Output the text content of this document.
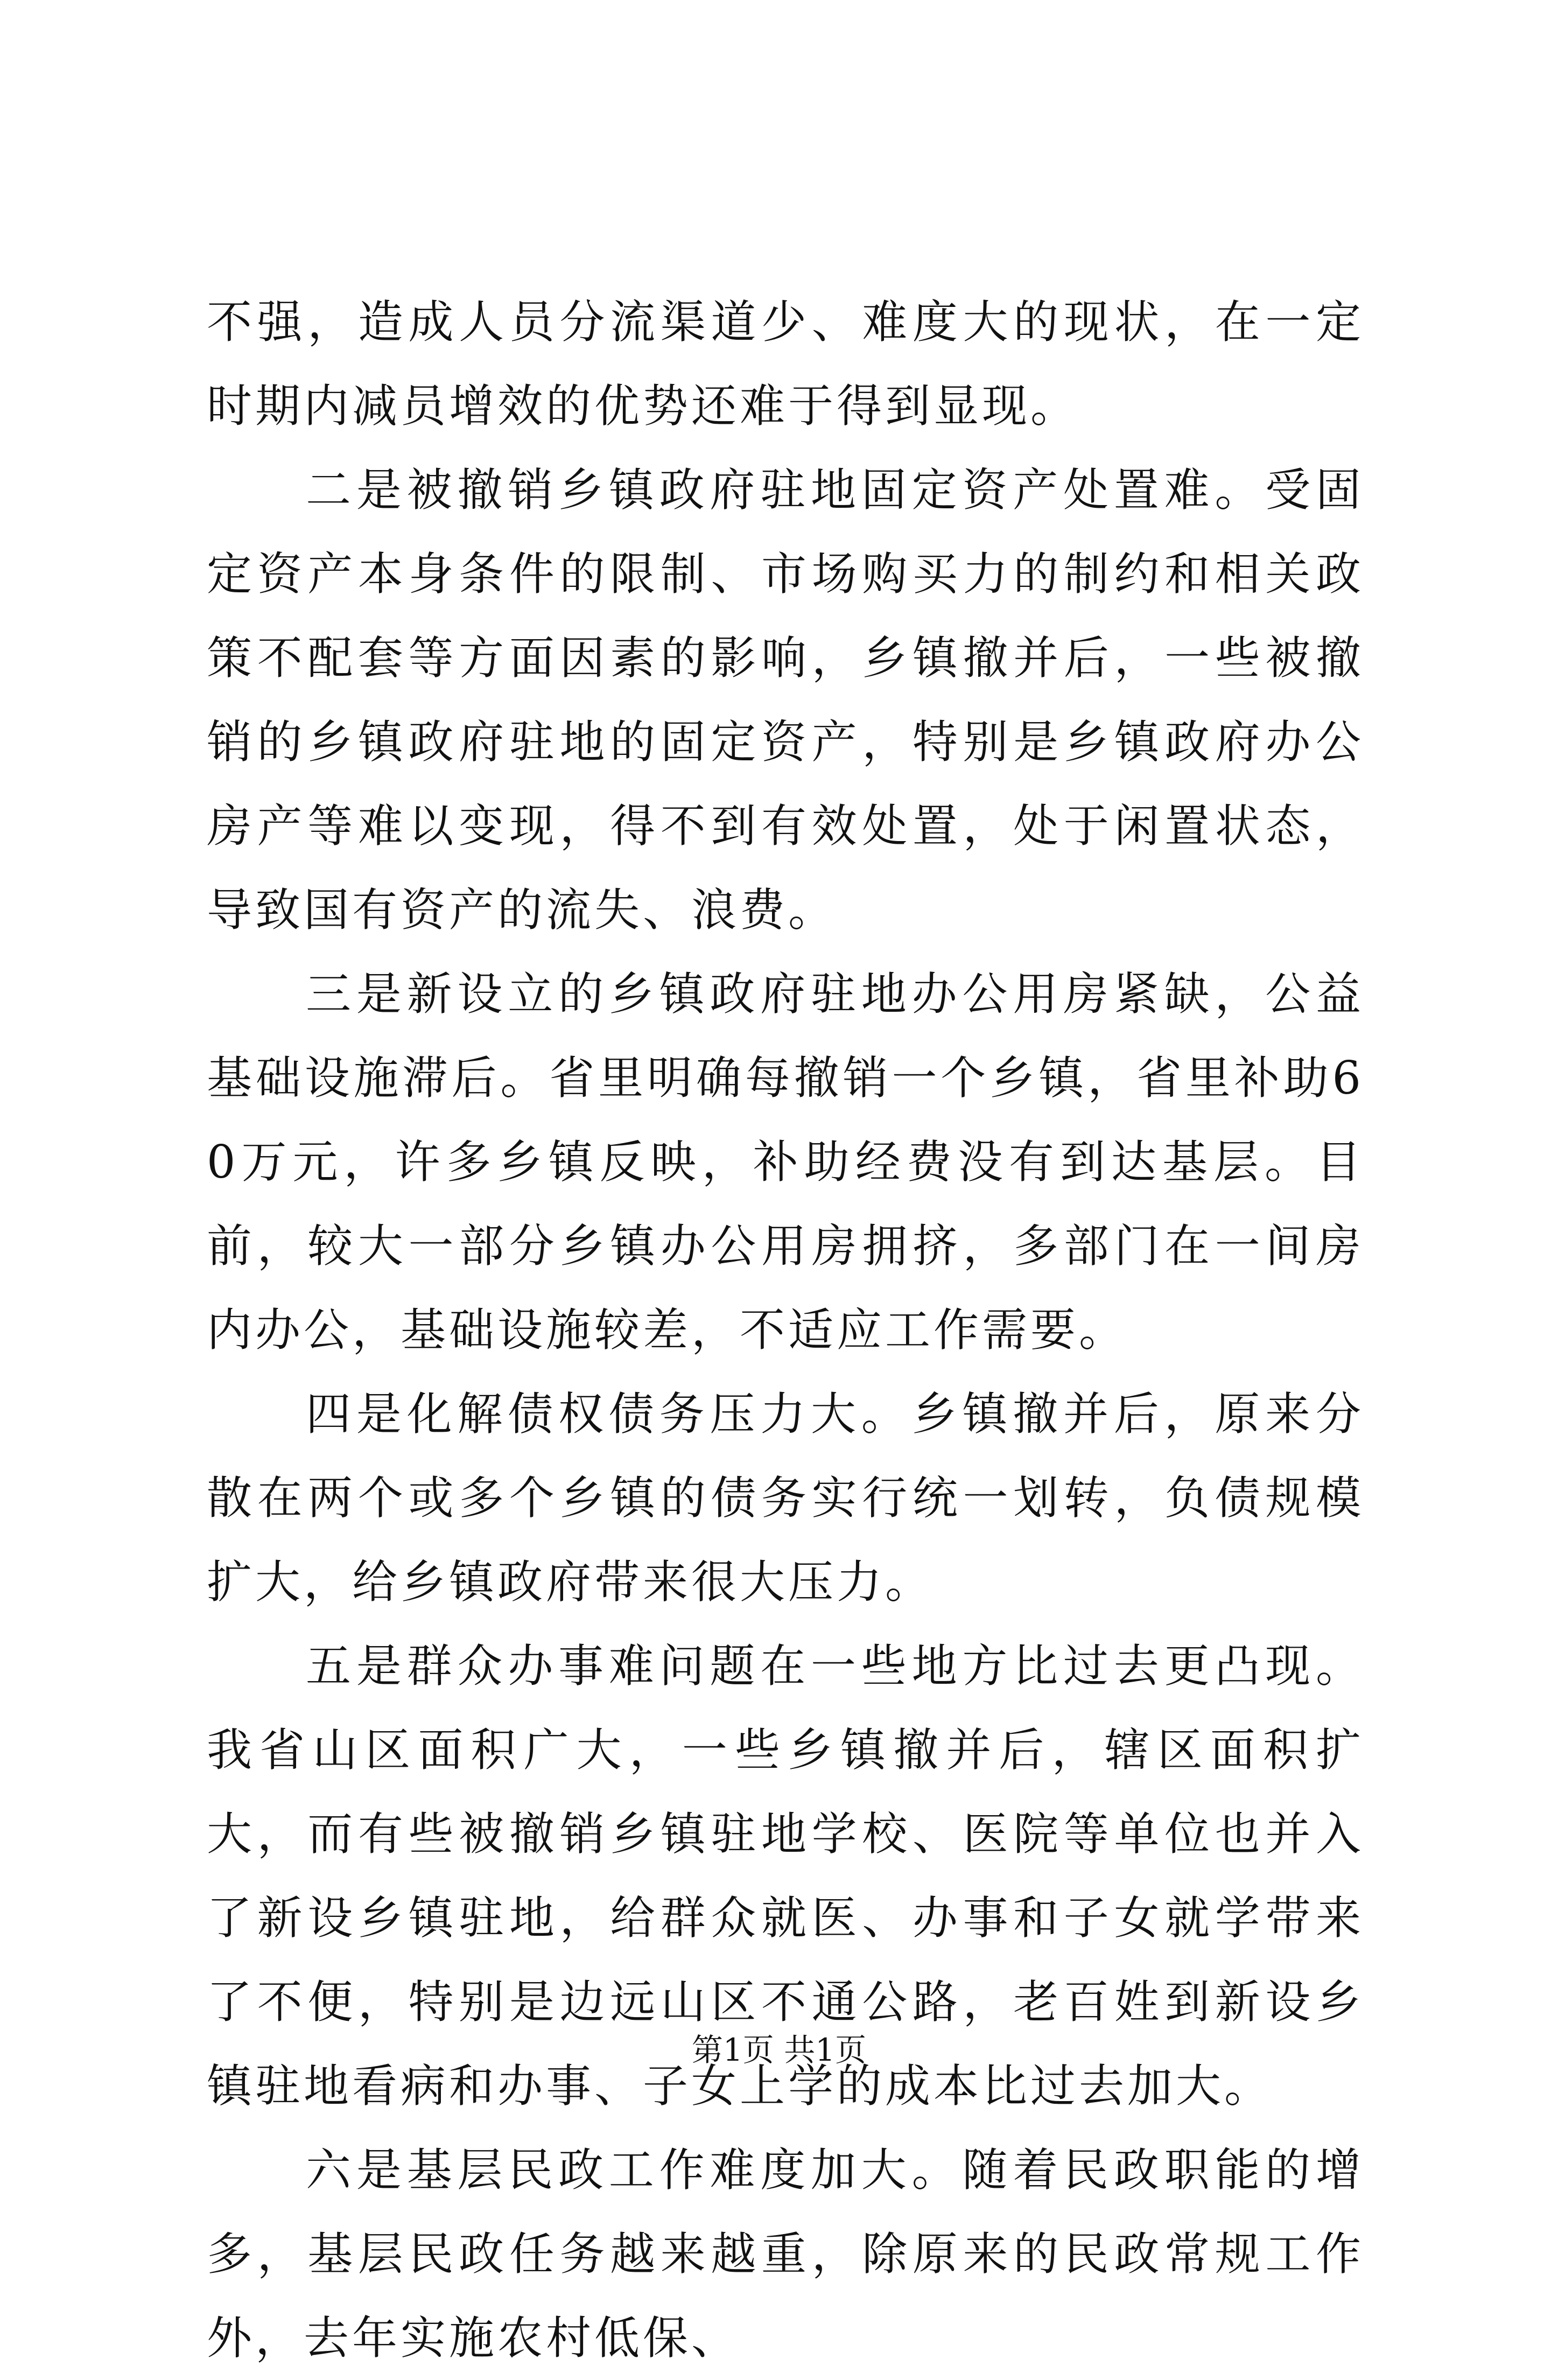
不强，造成人员分流渠道少、难度大的现状，在一定时期内减员增效的优势还难于得到显现。

二是被撤销乡镇政府驻地固定资产处置难。受固定资产本身条件的限制、市场购买力的制约和相关政策不配套等方面因素的影响，乡镇撤并后，一些被撤销的乡镇政府驻地的固定资产，特别是乡镇政府办公房产等难以变现，得不到有效处置，处于闲置状态，导致国有资产的流失、浪费。

三是新设立的乡镇政府驻地办公用房紧缺，公益基础设施滞后。省里明确每撤销一个乡镇，省里补助60万元，许多乡镇反映，补助经费没有到达基层。目前，较大一部分乡镇办公用房拥挤，多部门在一间房内办公，基础设施较差，不适应工作需要。

四是化解债权债务压力大。乡镇撤并后，原来分散在两个或多个乡镇的债务实行统一划转，负债规模扩大，给乡镇政府带来很大压力。

五是群众办事难问题在一些地方比过去更凸现。我省山区面积广大，一些乡镇撤并后，辖区面积扩大，而有些被撤销乡镇驻地学校、医院等单位也并入了新设乡镇驻地，给群众就医、办事和子女就学带来了不便，特别是边远山区不通公路，老百姓到新设乡镇驻地看病和办事、子女上学的成本比过去加大。

六是基层民政工作难度加大。随着民政职能的增多，基层民政任务越来越重，除原来的民政常规工作外，去年实施农村低保、

第1页 共1页
